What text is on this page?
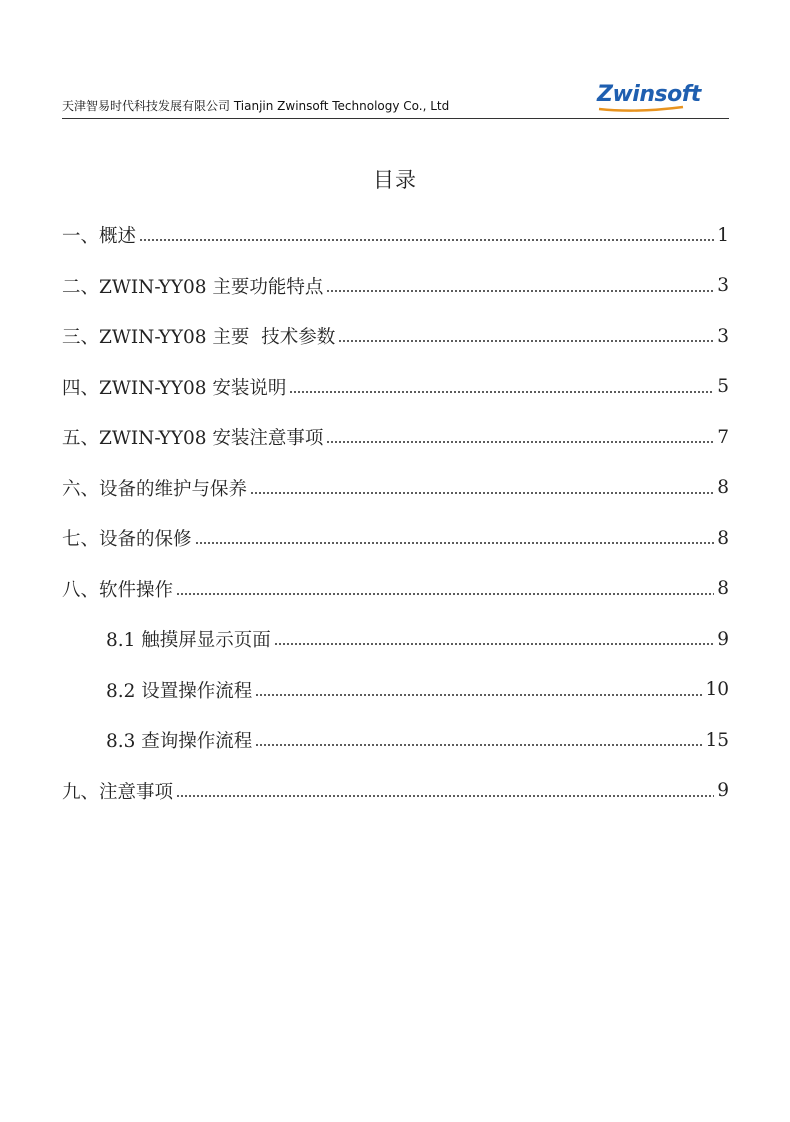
天津智易时代科技发展有限公司 Tianjin Zwinsoft Technology Co., Ltd	Zwinsoft
目录
一、概述	1
二、ZWIN-YY08 主要功能特点	3
三、ZWIN-YY08 主要  技术参数	3
四、ZWIN-YY08 安装说明	5
五、ZWIN-YY08 安装注意事项	7
六、设备的维护与保养	8
七、设备的保修	8
八、软件操作	8
8.1 触摸屏显示页面	9
8.2 设置操作流程	10
8.3 查询操作流程	15
九、注意事项	9
